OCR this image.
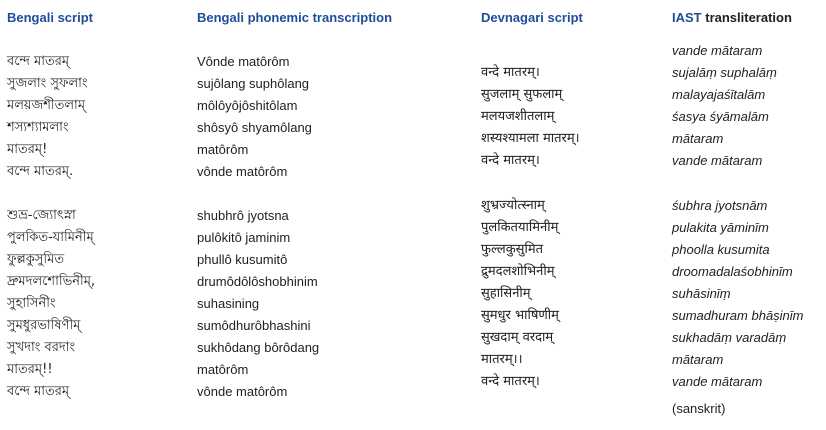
Bengali script
বন্দে মাতরম্
সুজলাং সুফলাং
মলয়জশীতলাম্
শস্যশ্যামলাং
মাতরম্!
বন্দে মাতরম্.
শুভ্র-জ্যোৎস্না
পুলকিত-যামিনীম্
ফুল্লকুসুমিত
দ্রুমদলশোভিনীম্,
সুহাসিনীং
সুমধুরভাষিণীম্
সুখদাং বরদাং
মাতরম্!!
বন্দে মাতরম্
Bengali phonemic transcription
Vônde matôrôm
sujôlang suphôlang
môlôyôjôshitôlam
shôsyô shyamôlang
matôrôm
vônde matôrôm
shubhrô jyotsna
pulôkitô jaminim
phullô kusumitô
drumôdôlôshobhinim
suhasining
sumôdhurôbhashini
sukhôdang bôrôdang
matôrôm
vônde matôrôm
Devnagari script
वन्दे मातरम्।
सुजलाम् सुफलाम्
मलयजशीतलाम्
शस्यश्यामला मातरम्।
वन्दे मातरम्।
शुभ्रज्योत्स्नाम्
पुलकितयामिनीम्
फुल्लकुसुमित
द्रुमदलशोभिनीम्
सुहासिनीम्
सुमधुर भाषिणीम्
सुखदाम् वरदाम्
मातरम्।।
वन्दे मातरम्।
IAST transliteration
vande mātaram
sujalāṃ suphalāṃ
malayajaśītalām
śasya śyāmalām
mātaram
vande mātaram
śubhra jyotsnām
pulakita yāminīm
phoolla kusumita
droomadalaśobhinīm
suhāsinīṃ
sumadhuram bhāṣinīm
sukhadāṃ varadāṃ
mātaram
vande mātaram
(sanskrit)
